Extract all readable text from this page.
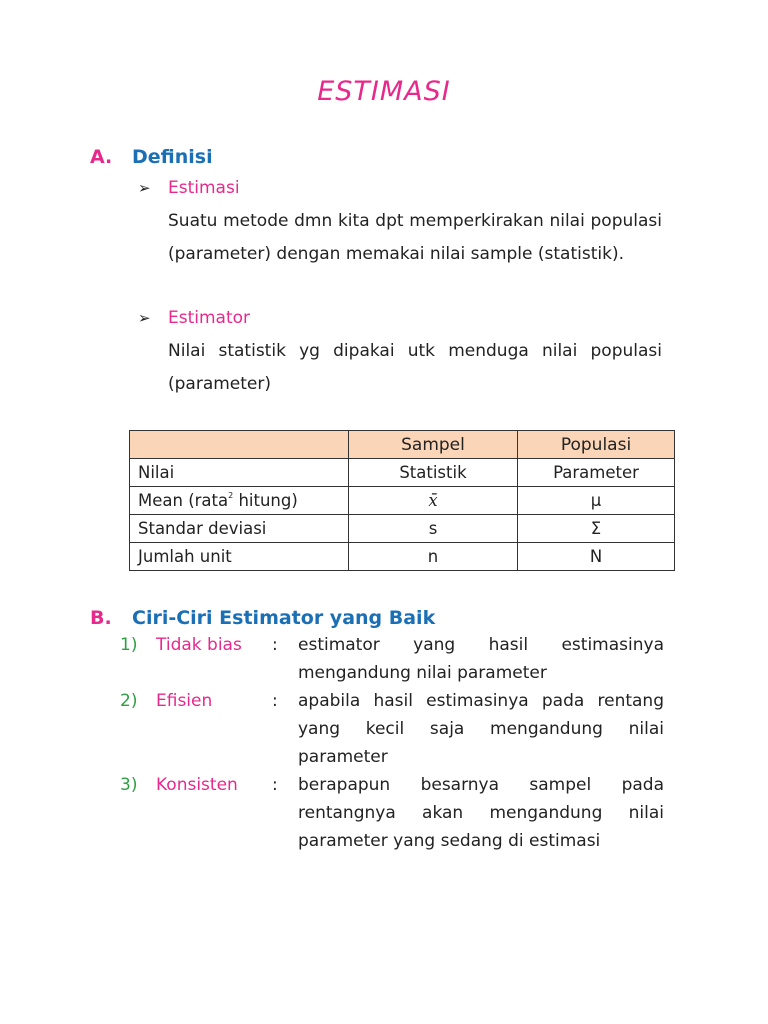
ESTIMASI
A. Definisi
➢ Estimasi
Suatu metode dmn kita dpt memperkirakan nilai populasi (parameter) dengan memakai nilai sample (statistik).
➢ Estimator
Nilai statistik yg dipakai utk menduga nilai populasi (parameter)
	Sampel	Populasi
Nilai	Statistik	Parameter
Mean (rata$^2$ hitung)	x̄	μ
Standar deviasi	s	Σ
Jumlah unit	n	N
B. Ciri-Ciri Estimator yang Baik
1) Tidak bias : estimator yang hasil estimasinya mengandung nilai parameter
2) Efisien	: apabila hasil estimasinya pada rentang yang kecil saja mengandung nilai parameter
3) Konsisten : berapapun besarnya sampel pada rentangnya akan mengandung nilai parameter yang sedang di estimasi
